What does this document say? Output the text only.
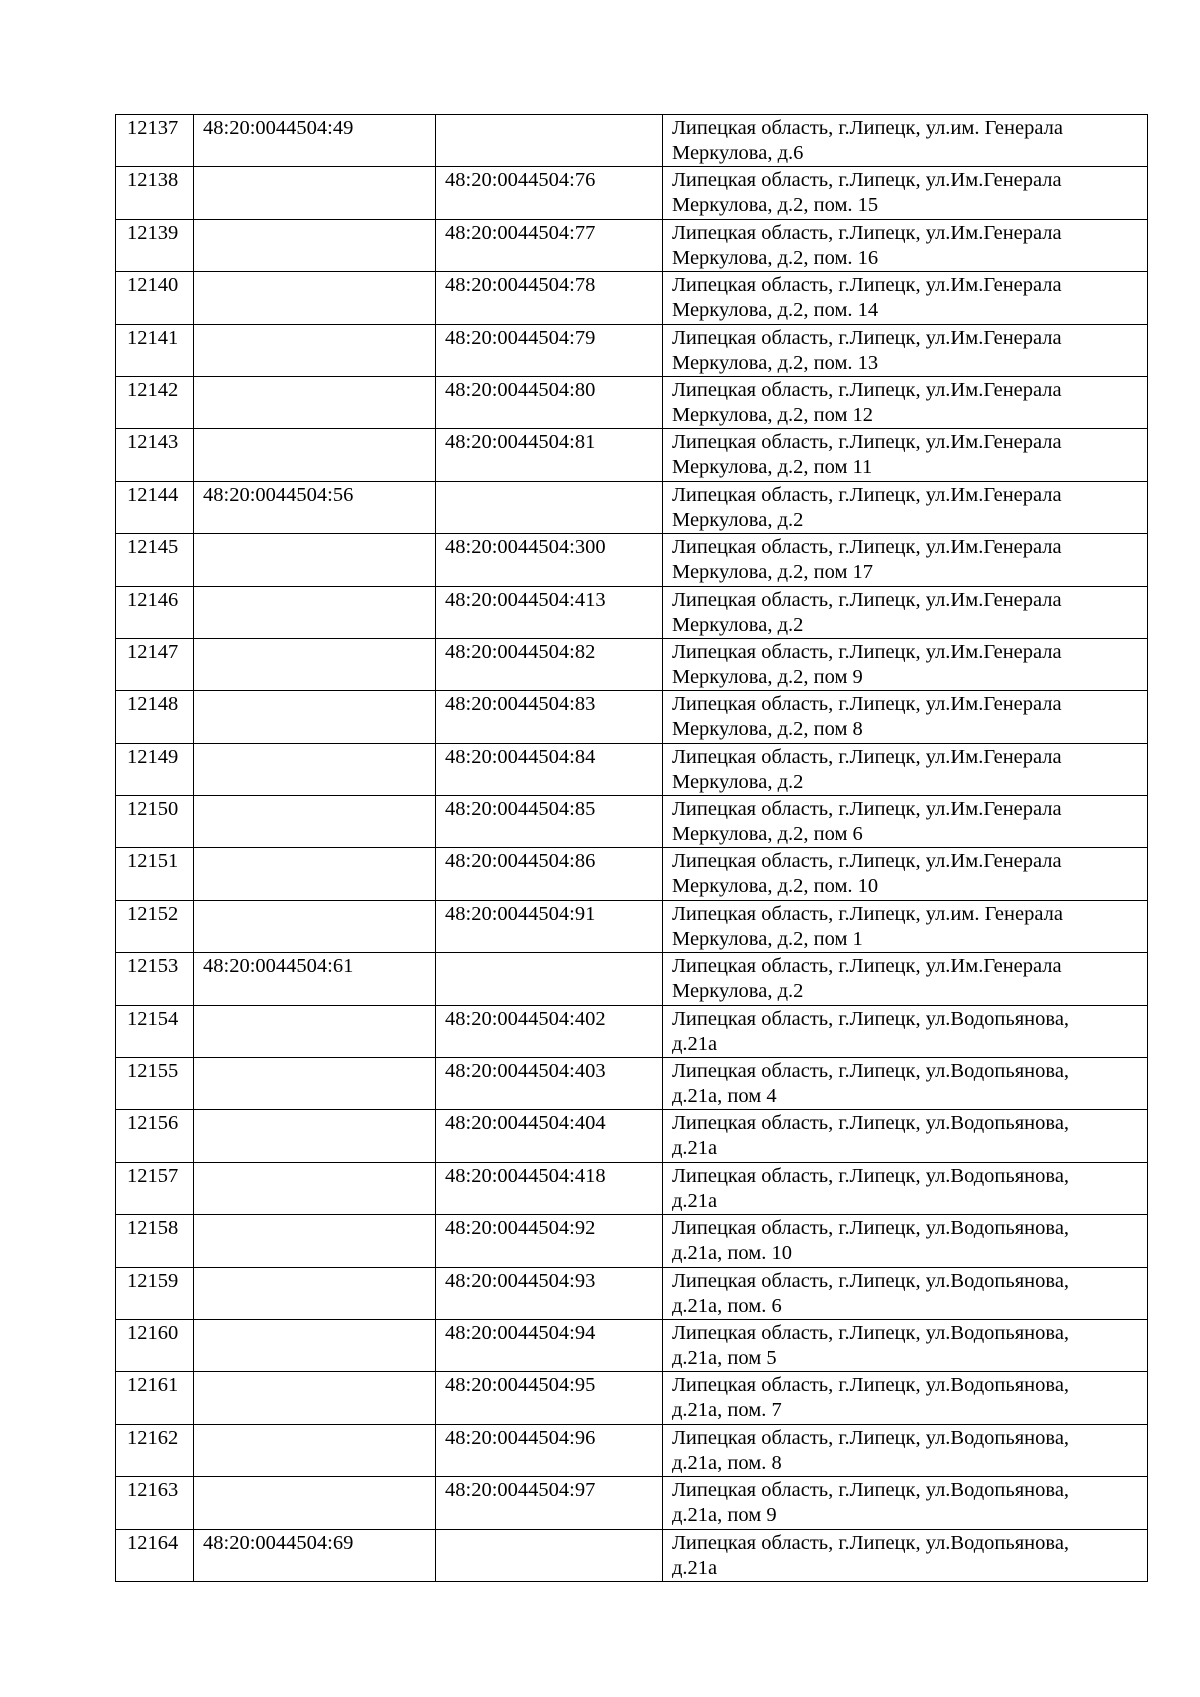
12137	48:20:0044504:49		Липецкая область, г.Липецк, ул.им. Генерала
Меркулова, д.6
12138		48:20:0044504:76	Липецкая область, г.Липецк, ул.Им.Генерала
Меркулова, д.2, пом. 15
12139		48:20:0044504:77	Липецкая область, г.Липецк, ул.Им.Генерала
Меркулова, д.2, пом. 16
12140		48:20:0044504:78	Липецкая область, г.Липецк, ул.Им.Генерала
Меркулова, д.2, пом. 14
12141		48:20:0044504:79	Липецкая область, г.Липецк, ул.Им.Генерала
Меркулова, д.2, пом. 13
12142		48:20:0044504:80	Липецкая область, г.Липецк, ул.Им.Генерала
Меркулова, д.2, пом 12
12143		48:20:0044504:81	Липецкая область, г.Липецк, ул.Им.Генерала
Меркулова, д.2, пом 11
12144	48:20:0044504:56		Липецкая область, г.Липецк, ул.Им.Генерала
Меркулова, д.2
12145		48:20:0044504:300	Липецкая область, г.Липецк, ул.Им.Генерала
Меркулова, д.2, пом 17
12146		48:20:0044504:413	Липецкая область, г.Липецк, ул.Им.Генерала
Меркулова, д.2
12147		48:20:0044504:82	Липецкая область, г.Липецк, ул.Им.Генерала
Меркулова, д.2, пом 9
12148		48:20:0044504:83	Липецкая область, г.Липецк, ул.Им.Генерала
Меркулова, д.2, пом 8
12149		48:20:0044504:84	Липецкая область, г.Липецк, ул.Им.Генерала
Меркулова, д.2
12150		48:20:0044504:85	Липецкая область, г.Липецк, ул.Им.Генерала
Меркулова, д.2, пом 6
12151		48:20:0044504:86	Липецкая область, г.Липецк, ул.Им.Генерала
Меркулова, д.2, пом. 10
12152		48:20:0044504:91	Липецкая область, г.Липецк, ул.им. Генерала
Меркулова, д.2, пом 1
12153	48:20:0044504:61		Липецкая область, г.Липецк, ул.Им.Генерала
Меркулова, д.2
12154		48:20:0044504:402	Липецкая область, г.Липецк, ул.Водопьянова,
д.21а
12155		48:20:0044504:403	Липецкая область, г.Липецк, ул.Водопьянова,
д.21а, пом 4
12156		48:20:0044504:404	Липецкая область, г.Липецк, ул.Водопьянова,
д.21а
12157		48:20:0044504:418	Липецкая область, г.Липецк, ул.Водопьянова,
д.21а
12158		48:20:0044504:92	Липецкая область, г.Липецк, ул.Водопьянова,
д.21а, пом. 10
12159		48:20:0044504:93	Липецкая область, г.Липецк, ул.Водопьянова,
д.21а, пом. 6
12160		48:20:0044504:94	Липецкая область, г.Липецк, ул.Водопьянова,
д.21а, пом 5
12161		48:20:0044504:95	Липецкая область, г.Липецк, ул.Водопьянова,
д.21а, пом. 7
12162		48:20:0044504:96	Липецкая область, г.Липецк, ул.Водопьянова,
д.21а, пом. 8
12163		48:20:0044504:97	Липецкая область, г.Липецк, ул.Водопьянова,
д.21а, пом 9
12164	48:20:0044504:69		Липецкая область, г.Липецк, ул.Водопьянова,
д.21а
